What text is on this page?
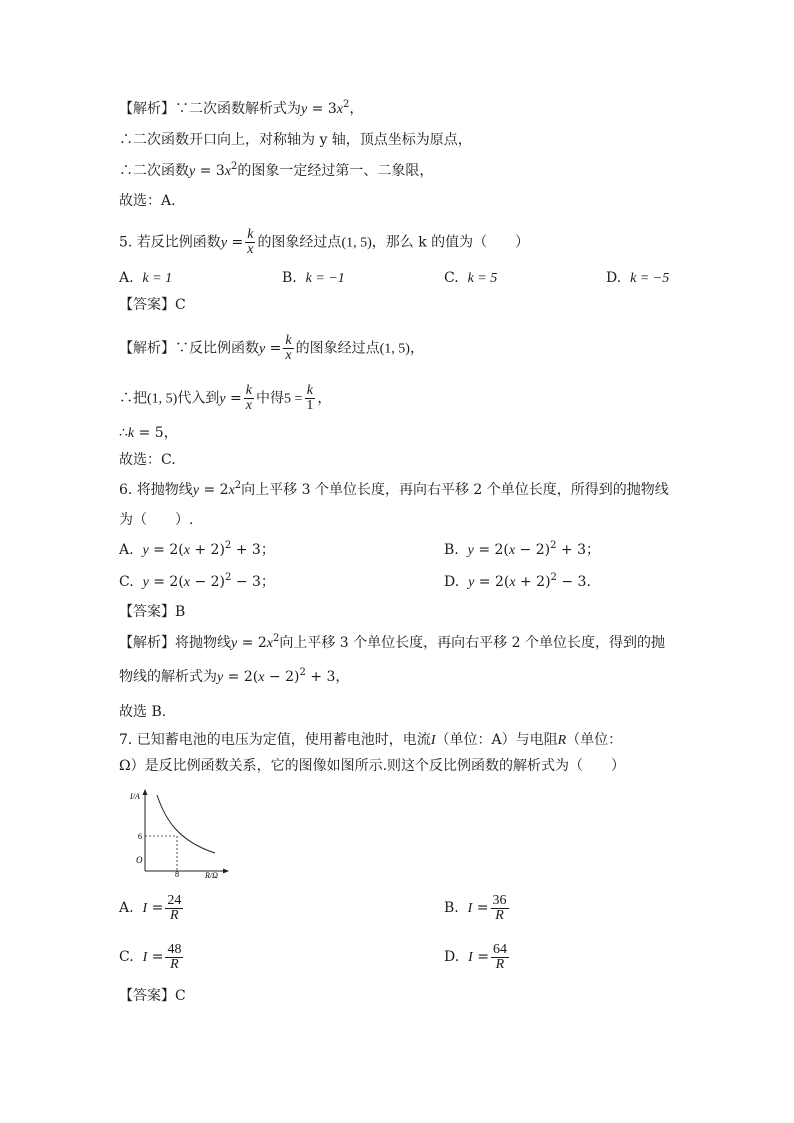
【解析】∵二次函数解析式为$y = 3x^2$，
∴二次函数开口向上，对称轴为 y 轴，顶点坐标为原点，
∴二次函数$y = 3x^2$的图象一定经过第一、二象限，
故选：A.
5. 若反比例函数$y = \frac{k}{x}$ 的图象经过点(1, 5)，那么 k 的值为（　　）
A. k = 1	B. k = −1	C. k = 5	D. k = −5
【答案】C
【解析】∵反比例函数$y = \frac{k}{x}$ 的图象经过点(1, 5)，
∴把(1, 5)代入到$y = \frac{k}{x}$ 中得$5 = \frac{k}{1}$ ，
∴k = 5，
故选：C.
6. 将抛物线$y = 2x^2$向上平移 3 个单位长度，再向右平移 2 个单位长度，所得到的抛物线
为（　　）.
A. $y = 2(x + 2)^2 + 3$；	B. $y = 2(x - 2)^2 + 3$；
C. $y = 2(x - 2)^2 - 3$；	D. $y = 2(x + 2)^2 - 3$.
【答案】B
【解析】将抛物线$y = 2x^2$向上平移 3 个单位长度，再向右平移 2 个单位长度，得到的抛
物线的解析式为$y = 2(x - 2)^2 + 3$，
故选 B.
7. 已知蓄电池的电压为定值，使用蓄电池时，电流I（单位：A）与电阻R（单位：
Ω）是反比例函数关系，它的图像如图所示.则这个反比例函数的解析式为（　　）
I/A
6
O
8	R/Ω
A. $I = \frac{24}{R}$	B. $I = \frac{36}{R}$
C. $I = \frac{48}{R}$	D. $I = \frac{64}{R}$
【答案】C
